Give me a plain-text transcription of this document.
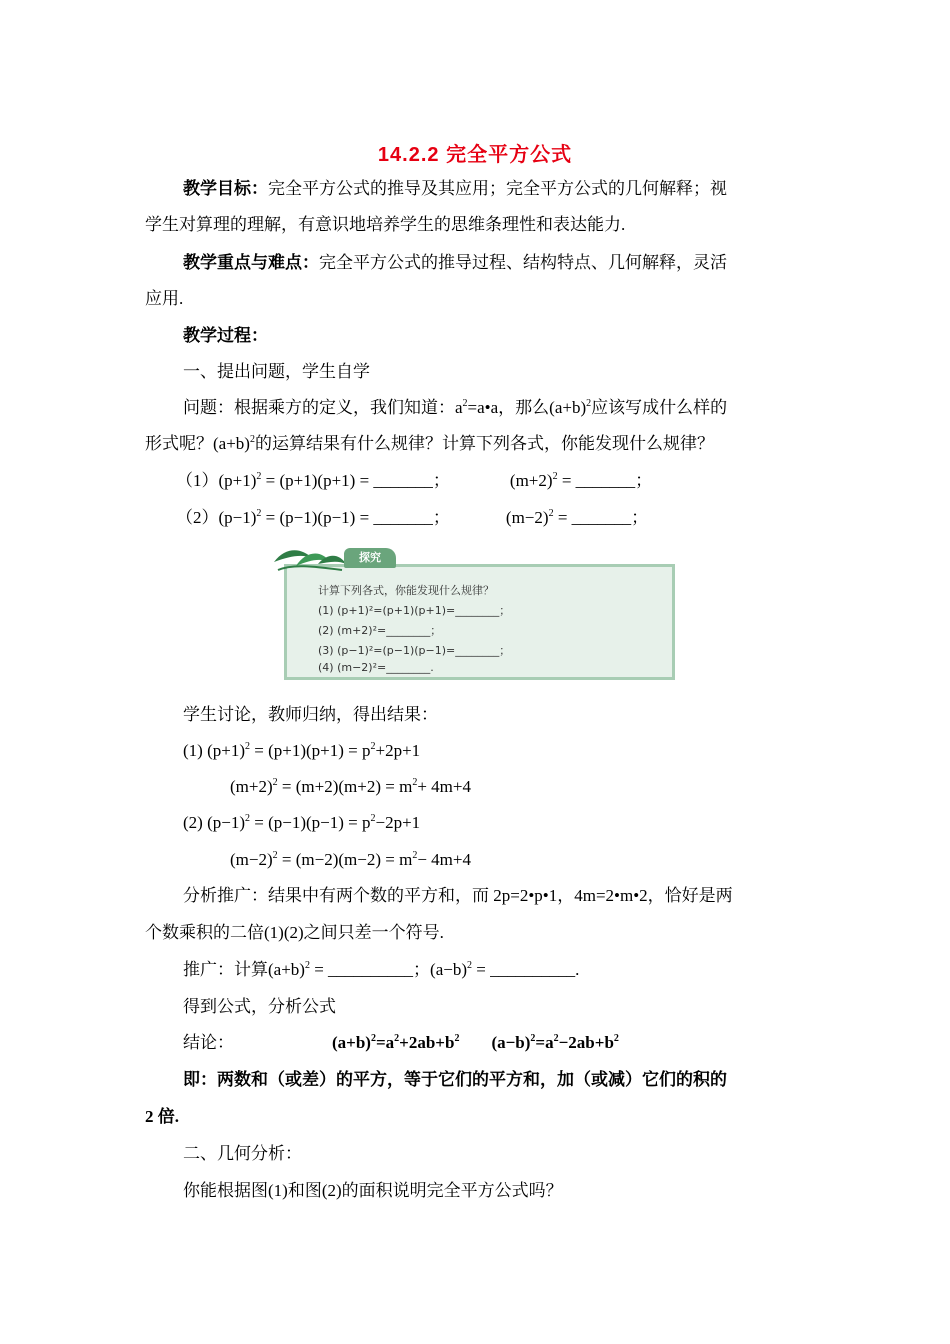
14.2.2 完全平方公式
教学目标：完全平方公式的推导及其应用；完全平方公式的几何解释；视
学生对算理的理解，有意识地培养学生的思维条理性和表达能力.
教学重点与难点：完全平方公式的推导过程、结构特点、几何解释，灵活
应用.
教学过程：
一、提出问题，学生自学
问题：根据乘方的定义，我们知道：$a^2=a•a$，那么$(a+b)^2$应该写成什么样的
形式呢？$(a+b)^2$的运算结果有什么规律？计算下列各式，你能发现什么规律？
$(1)(p+1)^2 = (p+1)(p+1)$ = _______；	$(m+2)^2$ = _______；
$(2)(p-1)^2 = (p-1)(p-1)$ = _______；	$(m-2)^2$ = _______；
探究
计算下列各式，你能发现什么规律？
(1) (p+1)²=(p+1)(p+1)=________；
(2) (m+2)²=________；
(3) (p−1)²=(p−1)(p−1)=________；
(4) (m−2)²=________.
学生讨论，教师归纳，得出结果：
(1) $(p+1)^2 = (p+1)(p+1) = p^2+2p+1$
$(m+2)^2 = (m+2)(m+2) = m^2+ 4m+4$
(2) $(p-1)^2 = (p-1)(p-1) = p^2-2p+1$
$(m-2)^2 = (m-2)(m-2) = m^2- 4m+4$
分析推广：结果中有两个数的平方和，而 2p=2•p•1，4m=2•m•2，恰好是两
个数乘积的二倍(1)(2)之间只差一个符号.
推广：计算$(a+b)^2$ = __________；$(a-b)^2$ = __________.
得到公式，分析公式
结论：	$(a+b)^2=a^2+2ab+b^2$ $(a-b)^2=a^2-2ab+b^2$
即：两数和（或差）的平方，等于它们的平方和，加（或减）它们的积的
2 倍.
二、几何分析：
你能根据图(1)和图(2)的面积说明完全平方公式吗？
